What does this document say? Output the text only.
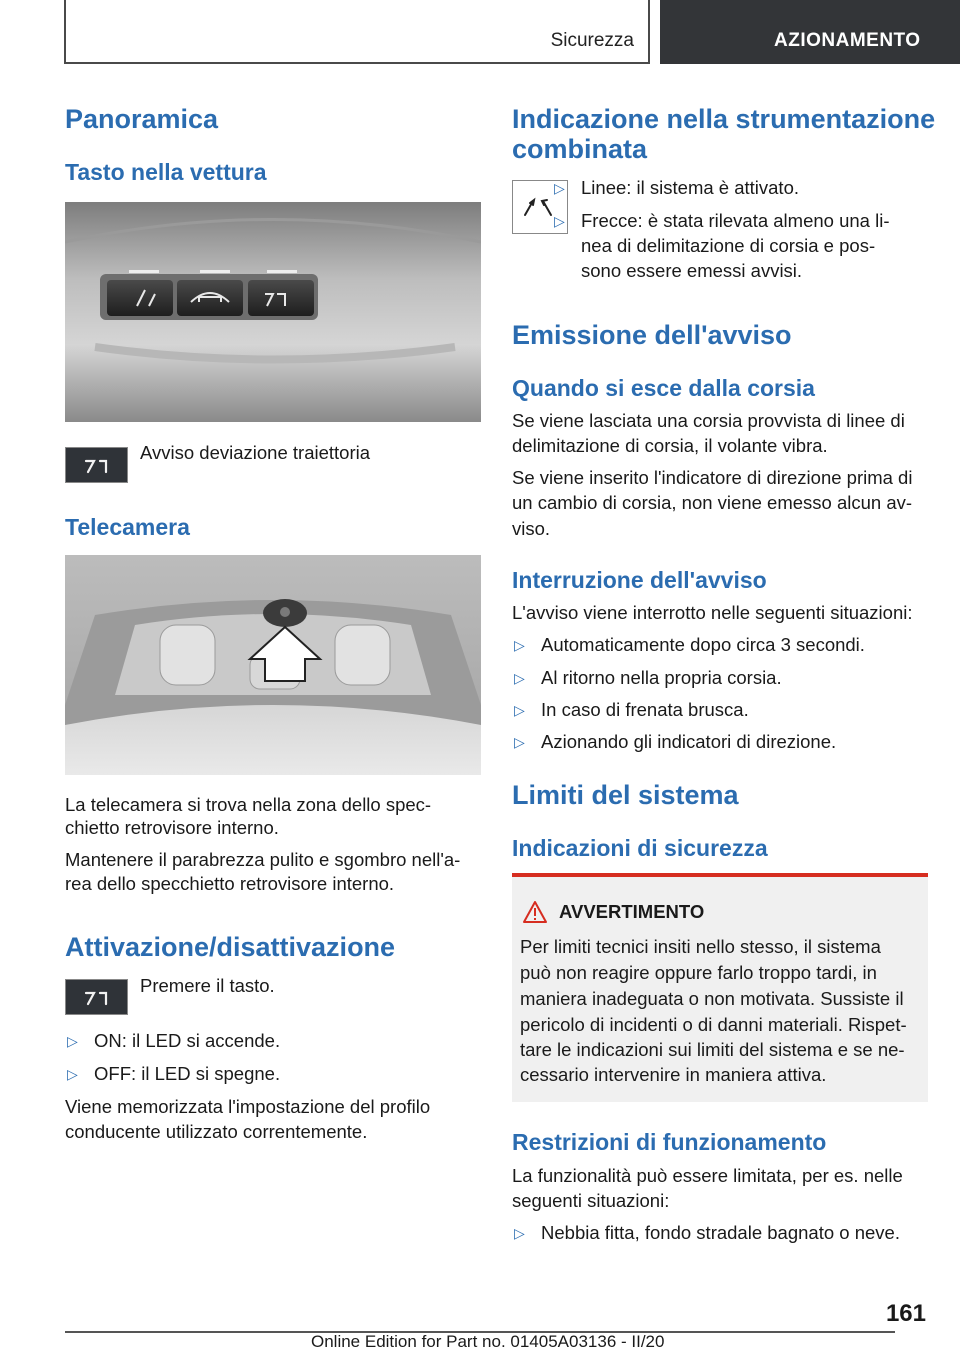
Sicurezza	AZIONAMENTO
Panoramica
Tasto nella vettura
Avviso deviazione traiettoria
Telecamera
La telecamera si trova nella zona dello spec-
chietto retrovisore interno.
Mantenere il parabrezza pulito e sgombro nell'a-
rea dello specchietto retrovisore interno.
Attivazione/disattivazione
Premere il tasto.
▷ ON: il LED si accende.
▷ OFF: il LED si spegne.
Viene memorizzata l'impostazione del profilo
conducente utilizzato correntemente.
Indicazione nella strumentazione
combinata
▷ Linee: il sistema è attivato.
▷ Frecce: è stata rilevata almeno una li-
nea di delimitazione di corsia e pos-
sono essere emessi avvisi.
Emissione dell'avviso
Quando si esce dalla corsia
Se viene lasciata una corsia provvista di linee di
delimitazione di corsia, il volante vibra.
Se viene inserito l'indicatore di direzione prima di
un cambio di corsia, non viene emesso alcun av-
viso.
Interruzione dell'avviso
L'avviso viene interrotto nelle seguenti situazioni:
▷ Automaticamente dopo circa 3 secondi.
▷ Al ritorno nella propria corsia.
▷ In caso di frenata brusca.
▷ Azionando gli indicatori di direzione.
Limiti del sistema
Indicazioni di sicurezza
AVVERTIMENTO
Per limiti tecnici insiti nello stesso, il sistema
può non reagire oppure farlo troppo tardi, in
maniera inadeguata o non motivata. Sussiste il
pericolo di incidenti o di danni materiali. Rispet-
tare le indicazioni sui limiti del sistema e se ne-
cessario intervenire in maniera attiva.
Restrizioni di funzionamento
La funzionalità può essere limitata, per es. nelle
seguenti situazioni:
▷ Nebbia fitta, fondo stradale bagnato o neve.
161
Online Edition for Part no. 01405A03136 - II/20
